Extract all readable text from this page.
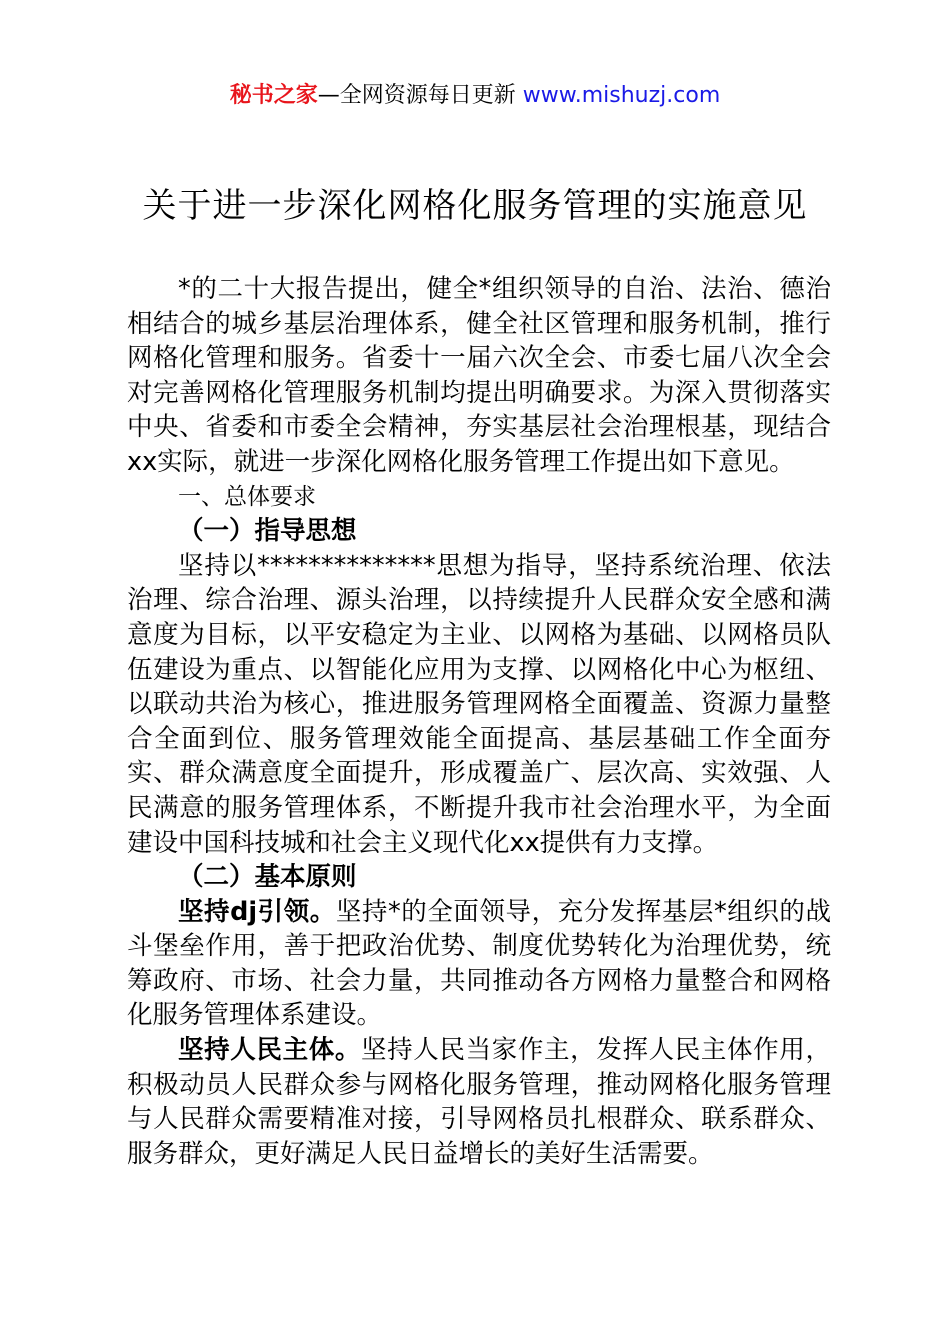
秘书之家—全网资源每日更新 www.mishuzj.com
关于进一步深化网格化服务管理的实施意见

*的二十大报告提出，健全*组织领导的自治、法治、德治相结合的城乡基层治理体系，健全社区管理和服务机制，推行网格化管理和服务。省委十一届六次全会、市委七届八次全会对完善网格化管理服务机制均提出明确要求。为深入贯彻落实中央、省委和市委全会精神，夯实基层社会治理根基，现结合xx实际，就进一步深化网格化服务管理工作提出如下意见。

一、总体要求

（一）指导思想

坚持以**************思想为指导，坚持系统治理、依法治理、综合治理、源头治理，以持续提升人民群众安全感和满意度为目标，以平安稳定为主业、以网格为基础、以网格员队伍建设为重点、以智能化应用为支撑、以网格化中心为枢纽、以联动共治为核心，推进服务管理网格全面覆盖、资源力量整合全面到位、服务管理效能全面提高、基层基础工作全面夯实、群众满意度全面提升，形成覆盖广、层次高、实效强、人民满意的服务管理体系，不断提升我市社会治理水平，为全面建设中国科技城和社会主义现代化xx提供有力支撑。

（二）基本原则

坚持dj引领。坚持*的全面领导，充分发挥基层*组织的战斗堡垒作用，善于把政治优势、制度优势转化为治理优势，统筹政府、市场、社会力量，共同推动各方网格力量整合和网格化服务管理体系建设。

坚持人民主体。坚持人民当家作主，发挥人民主体作用，积极动员人民群众参与网格化服务管理，推动网格化服务管理与人民群众需要精准对接，引导网格员扎根群众、联系群众、服务群众，更好满足人民日益增长的美好生活需要。
